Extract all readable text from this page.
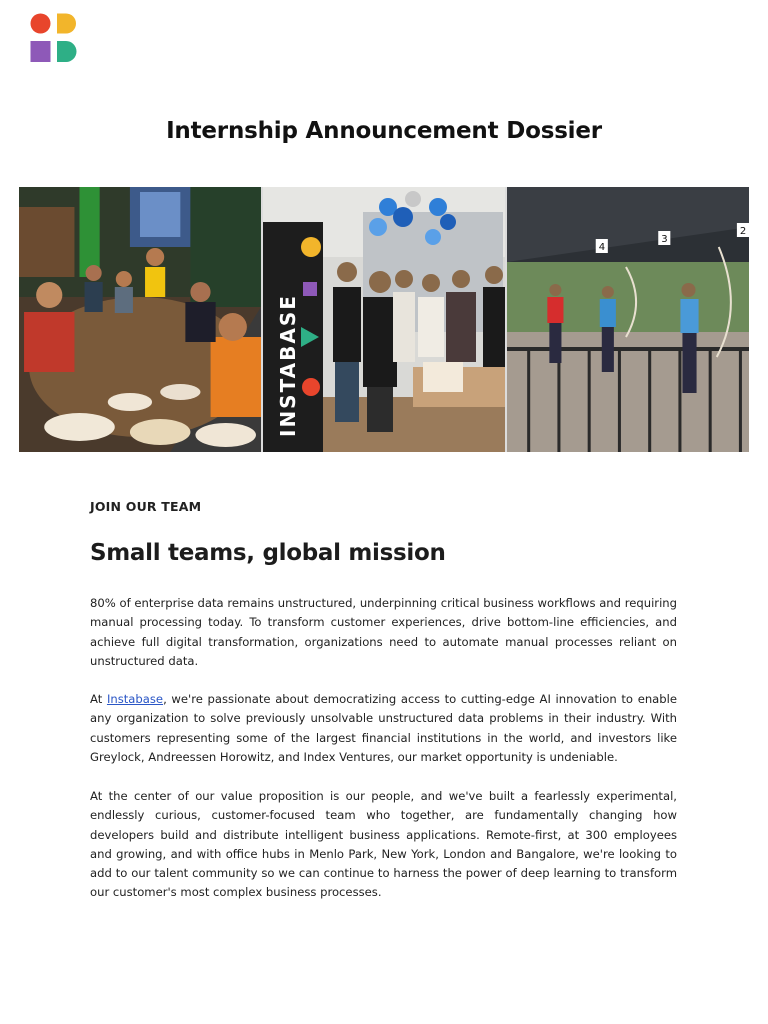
Internship Announcement Dossier
INSTABASE
4
3
2
JOIN OUR TEAM
Small teams, global mission

80% of enterprise data remains unstructured, underpinning critical business workflows and requiring manual processing today. To transform customer experiences, drive bottom-line efficiencies, and achieve full digital transformation, organizations need to automate manual processes reliant on unstructured data.

At Instabase, we're passionate about democratizing access to cutting-edge AI innovation to enable any organization to solve previously unsolvable unstructured data problems in their industry. With customers representing some of the largest financial institutions in the world, and investors like Greylock, Andreessen Horowitz, and Index Ventures, our market opportunity is undeniable.

At the center of our value proposition is our people, and we've built a fearlessly experimental, endlessly curious, customer-focused team who together, are fundamentally changing how developers build and distribute intelligent business applications. Remote-first, at 300 employees and growing, and with office hubs in Menlo Park, New York, London and Bangalore, we're looking to add to our talent community so we can continue to harness the power of deep learning to transform our customer's most complex business processes.
